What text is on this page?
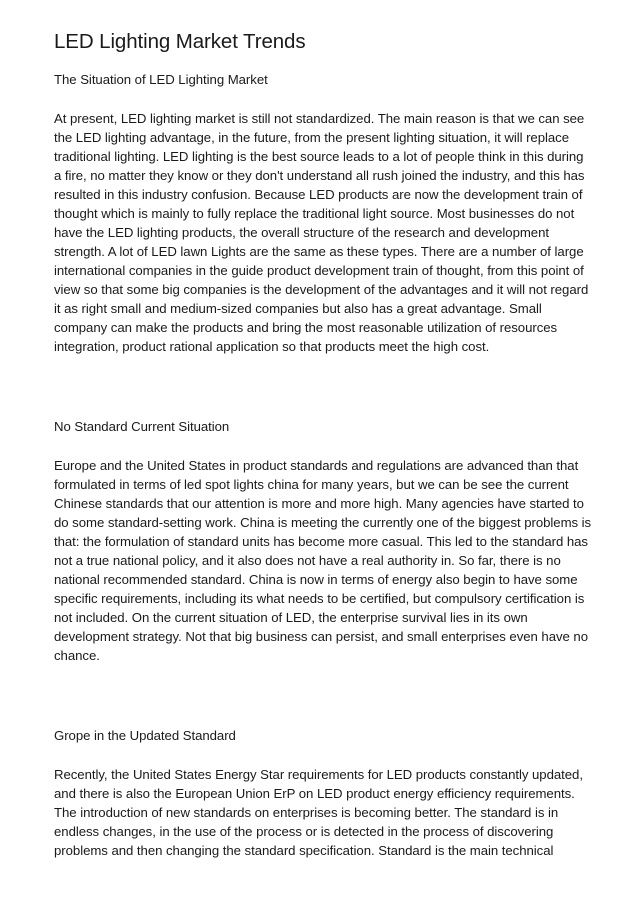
LED Lighting Market Trends
The Situation of LED Lighting Market
At present, LED lighting market is still not standardized. The main reason is that we can see
the LED lighting advantage, in the future, from the present lighting situation, it will replace
traditional lighting. LED lighting is the best source leads to a lot of people think in this during
a fire, no matter they know or they don't understand all rush joined the industry, and this has
resulted in this industry confusion. Because LED products are now the development train of
thought which is mainly to fully replace the traditional light source. Most businesses do not
have the LED lighting products, the overall structure of the research and development
strength. A lot of LED lawn Lights are the same as these types. There are a number of large
international companies in the guide product development train of thought, from this point of
view so that some big companies is the development of the advantages and it will not regard
it as right small and medium-sized companies but also has a great advantage. Small
company can make the products and bring the most reasonable utilization of resources
integration, product rational application so that products meet the high cost.
No Standard Current Situation
Europe and the United States in product standards and regulations are advanced than that
formulated in terms of led spot lights china for many years, but we can be see the current
Chinese standards that our attention is more and more high. Many agencies have started to
do some standard-setting work. China is meeting the currently one of the biggest problems is
that: the formulation of standard units has become more casual. This led to the standard has
not a true national policy, and it also does not have a real authority in. So far, there is no
national recommended standard. China is now in terms of energy also begin to have some
specific requirements, including its what needs to be certified, but compulsory certification is
not included. On the current situation of LED, the enterprise survival lies in its own
development strategy. Not that big business can persist, and small enterprises even have no
chance.
Grope in the Updated Standard
Recently, the United States Energy Star requirements for LED products constantly updated,
and there is also the European Union ErP on LED product energy efficiency requirements.
The introduction of new standards on enterprises is becoming better. The standard is in
endless changes, in the use of the process or is detected in the process of discovering
problems and then changing the standard specification. Standard is the main technical
